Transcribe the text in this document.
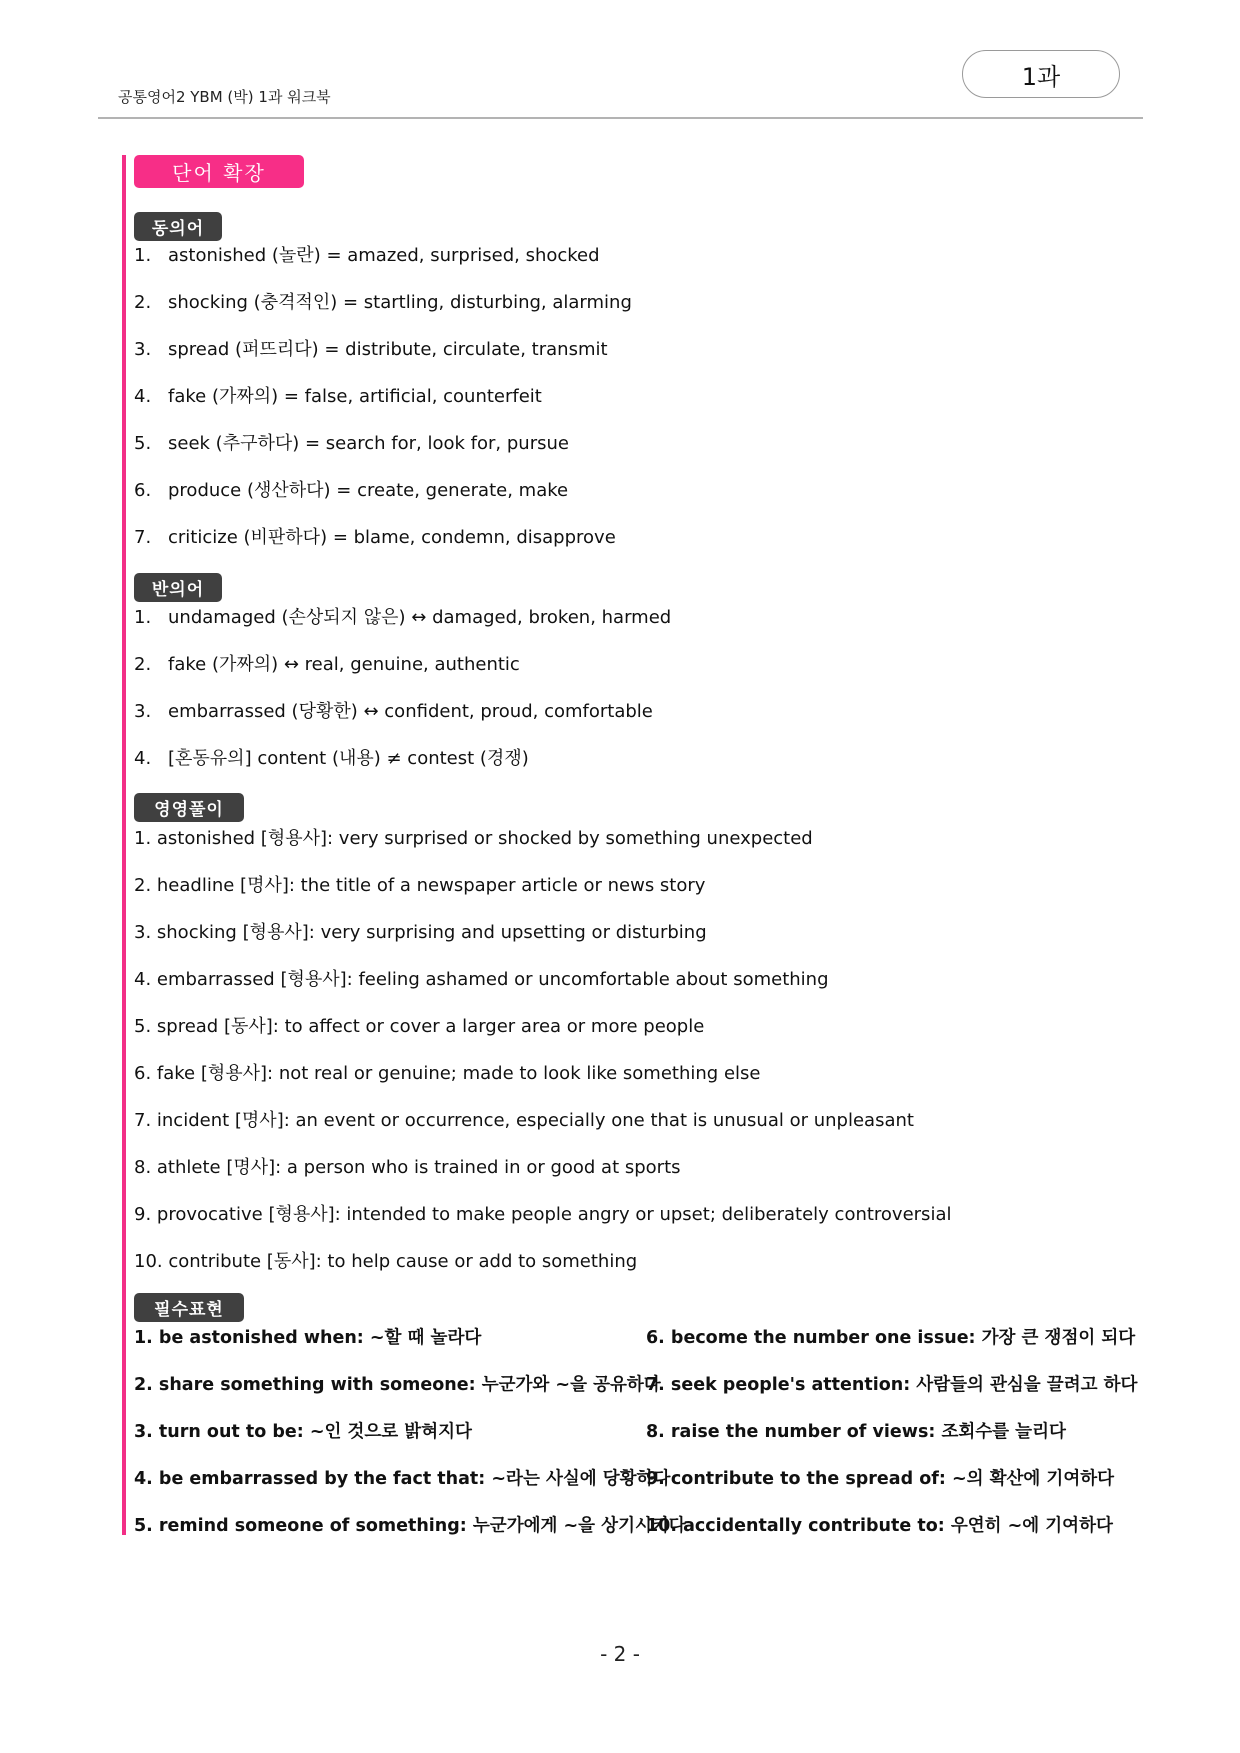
공통영어2 YBM (박) 1과 워크북
1과
단어 확장
동의어
1. astonished (놀란) = amazed, surprised, shocked
2. shocking (충격적인) = startling, disturbing, alarming
3. spread (퍼뜨리다) = distribute, circulate, transmit
4. fake (가짜의) = false, artificial, counterfeit
5. seek (추구하다) = search for, look for, pursue
6. produce (생산하다) = create, generate, make
7. criticize (비판하다) = blame, condemn, disapprove
반의어
1. undamaged (손상되지 않은) ↔ damaged, broken, harmed
2. fake (가짜의) ↔ real, genuine, authentic
3. embarrassed (당황한) ↔ confident, proud, comfortable
4. [혼동유의] content (내용) ≠ contest (경쟁)
영영풀이
1. astonished [형용사]: very surprised or shocked by something unexpected
2. headline [명사]: the title of a newspaper article or news story
3. shocking [형용사]: very surprising and upsetting or disturbing
4. embarrassed [형용사]: feeling ashamed or uncomfortable about something
5. spread [동사]: to affect or cover a larger area or more people
6. fake [형용사]: not real or genuine; made to look like something else
7. incident [명사]: an event or occurrence, especially one that is unusual or unpleasant
8. athlete [명사]: a person who is trained in or good at sports
9. provocative [형용사]: intended to make people angry or upset; deliberately controversial
10. contribute [동사]: to help cause or add to something
필수표현
1. be astonished when: ~할 때 놀라다
2. share something with someone: 누군가와 ~을 공유하다
3. turn out to be: ~인 것으로 밝혀지다
4. be embarrassed by the fact that: ~라는 사실에 당황하다
5. remind someone of something: 누군가에게 ~을 상기시키다
6. become the number one issue: 가장 큰 쟁점이 되다
7. seek people's attention: 사람들의 관심을 끌려고 하다
8. raise the number of views: 조회수를 늘리다
9. contribute to the spread of: ~의 확산에 기여하다
10. accidentally contribute to: 우연히 ~에 기여하다
- 2 -
